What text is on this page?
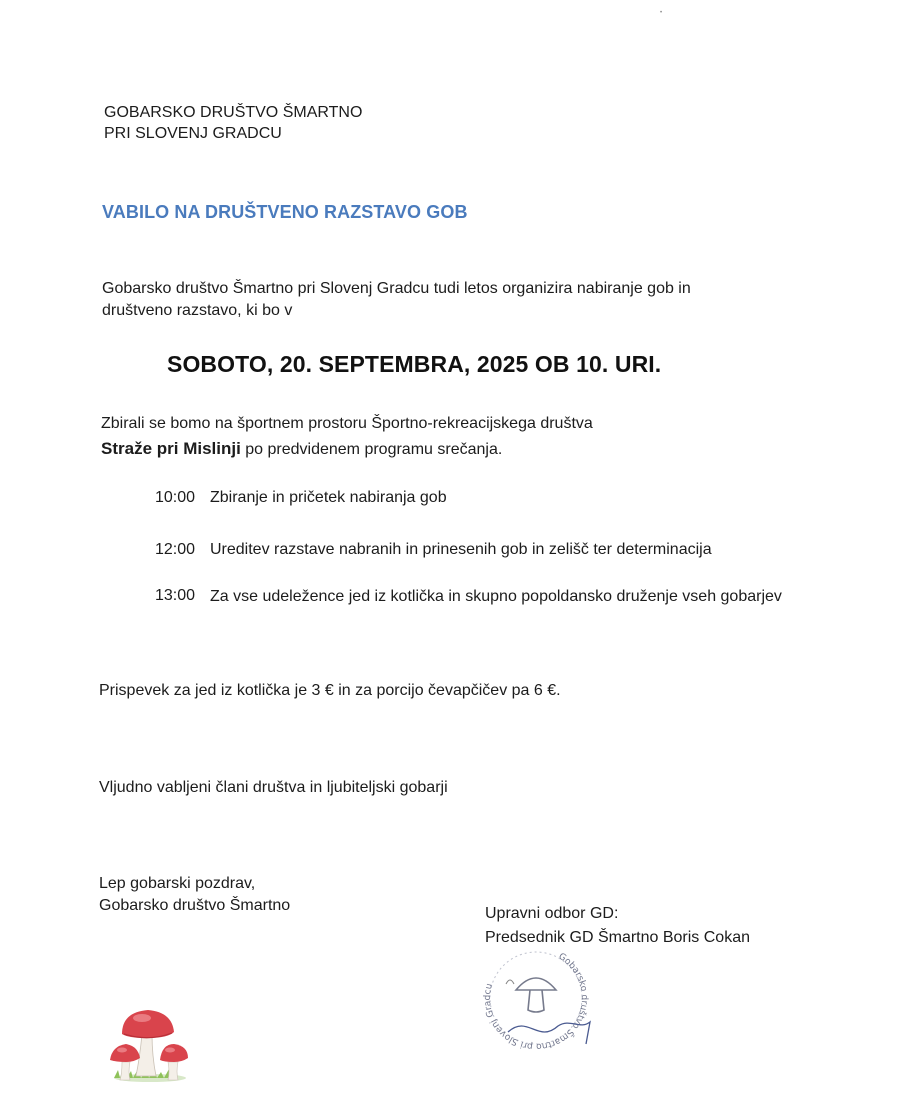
•
GOBARSKO DRUŠTVO ŠMARTNO
PRI SLOVENJ GRADCU
VABILO NA DRUŠTVENO RAZSTAVO GOB
Gobarsko društvo Šmartno pri Slovenj Gradcu tudi letos organizira nabiranje gob in
društveno razstavo, ki bo v
SOBOTO, 20. SEPTEMBRA, 2025 OB 10. URI.
Zbirali se bomo na športnem prostoru Športno-rekreacijskega društva
Straže pri Mislinji po predvidenem programu srečanja.
10:00 Zbiranje in pričetek nabiranja gob
12:00 Ureditev razstave nabranih in prinesenih gob in zelišč ter determinacija
13:00 Za vse udeležence jed iz kotlička in skupno popoldansko druženje vseh gobarjev
Prispevek za jed iz kotlička je 3 € in za porcijo čevapčičev pa 6 €.
Vljudno vabljeni člani društva in ljubiteljski gobarji
Lep gobarski pozdrav,
Gobarsko društvo Šmartno	Upravni odbor GD:
Predsednik GD Šmartno Boris Cokan
Gobarsko društvo Šmartno pri Slovenj Gradcu
